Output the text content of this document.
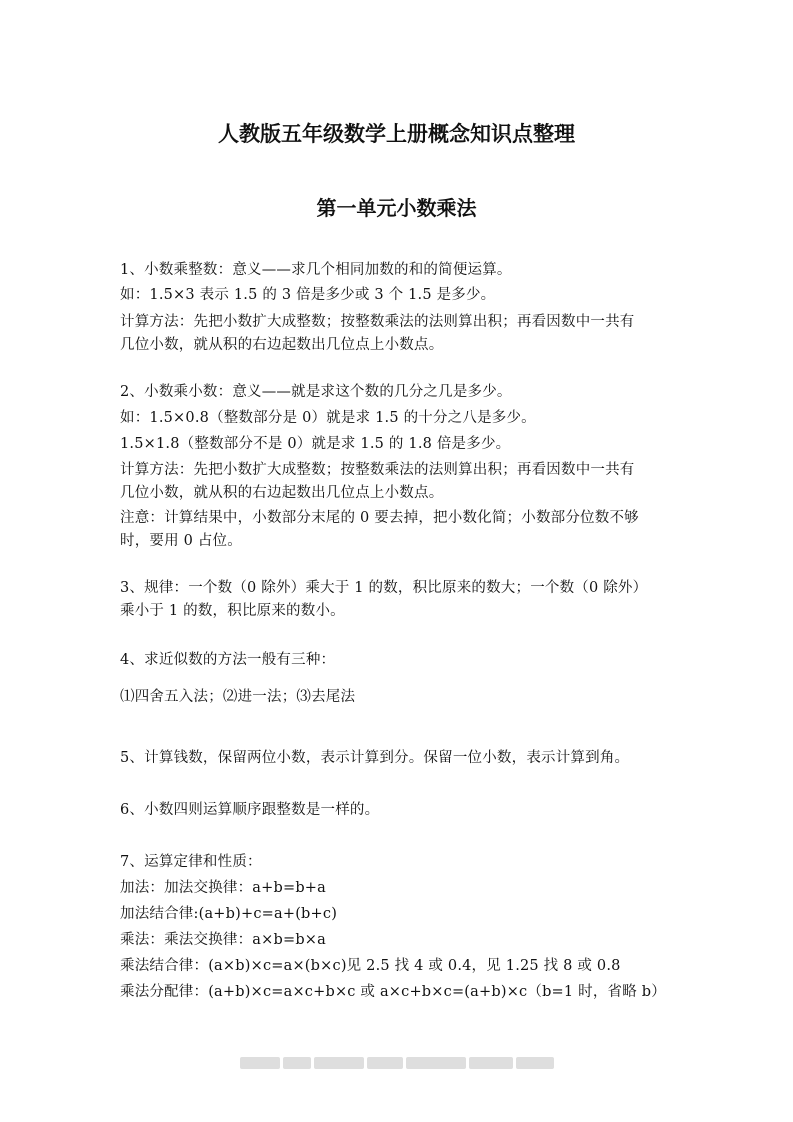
人教版五年级数学上册概念知识点整理
第一单元小数乘法

1、小数乘整数：意义——求几个相同加数的和的简便运算。

如：1.5×3 表示 1.5 的 3 倍是多少或 3 个 1.5 是多少。

计算方法：先把小数扩大成整数；按整数乘法的法则算出积；再看因数中一共有

几位小数，就从积的右边起数出几位点上小数点。

2、小数乘小数：意义——就是求这个数的几分之几是多少。

如：1.5×0.8（整数部分是 0）就是求 1.5 的十分之八是多少。

1.5×1.8（整数部分不是 0）就是求 1.5 的 1.8 倍是多少。

计算方法：先把小数扩大成整数；按整数乘法的法则算出积；再看因数中一共有

几位小数，就从积的右边起数出几位点上小数点。

注意：计算结果中，小数部分末尾的 0 要去掉，把小数化简；小数部分位数不够

时，要用 0 占位。

3、规律：一个数（0 除外）乘大于 1 的数，积比原来的数大；一个数（0 除外）

乘小于 1 的数，积比原来的数小。

4、求近似数的方法一般有三种：

⑴四舍五入法；⑵进一法；⑶去尾法

5、计算钱数，保留两位小数，表示计算到分。保留一位小数，表示计算到角。

6、小数四则运算顺序跟整数是一样的。

7、运算定律和性质：

加法：加法交换律：a+b=b+a

加法结合律:(a+b)+c=a+(b+c)

乘法：乘法交换律：a×b=b×a

乘法结合律：(a×b)×c=a×(b×c)见 2.5 找 4 或 0.4，见 1.25 找 8 或 0.8

乘法分配律：(a+b)×c=a×c+b×c 或 a×c+b×c=(a+b)×c（b=1 时，省略 b）
